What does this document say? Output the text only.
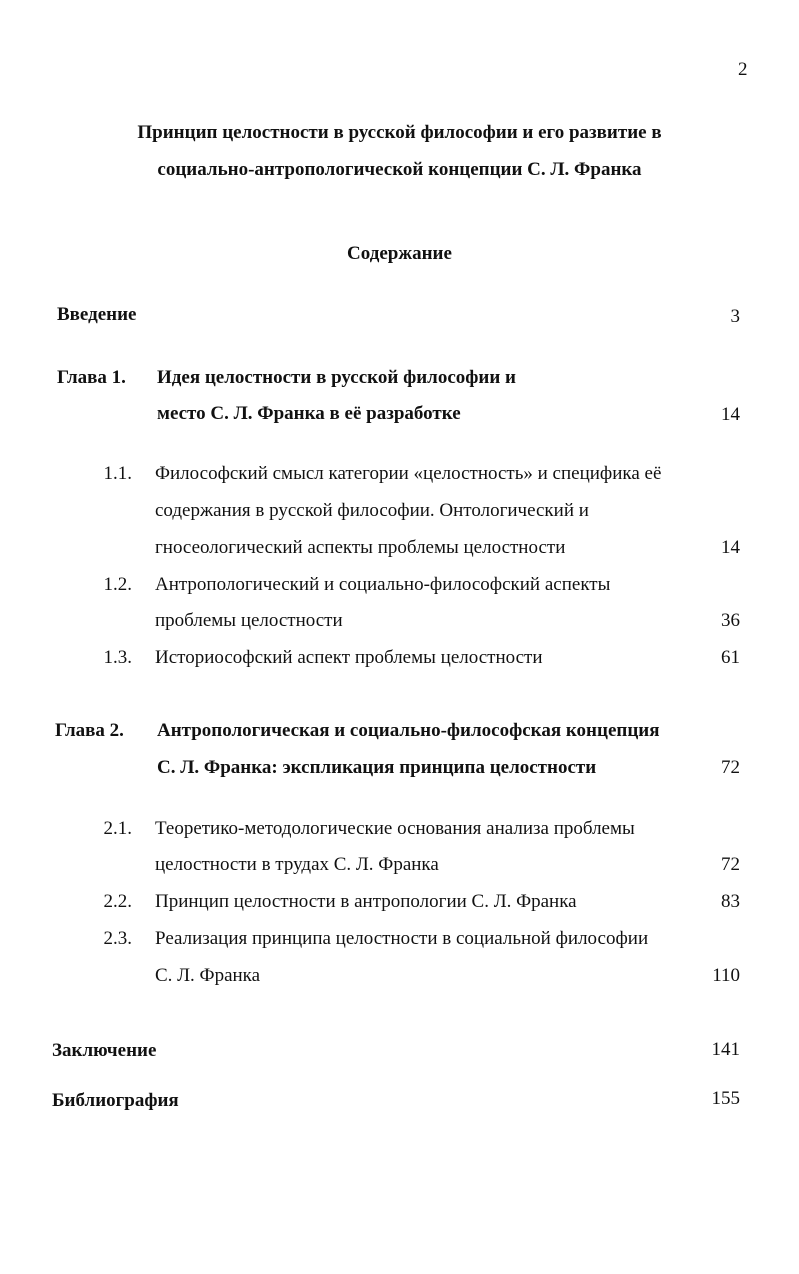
2
Принцип целостности в русской философии и его развитие в
социально-антропологической концепции С. Л. Франка
Содержание
Введение	3
Глава 1. Идея целостности в русской философии и
место С. Л. Франка в её разработке	14
1.1. Философский смысл категории «целостность» и специфика её
содержания в русской философии. Онтологический и
гносеологический аспекты проблемы целостности	14
1.2. Антропологический и социально-философский аспекты
проблемы целостности	36
1.3. Историософский аспект проблемы целостности	61
Глава 2. Антропологическая и социально-философская концепция
С. Л. Франка: экспликация принципа целостности	72
2.1. Теоретико-методологические основания анализа проблемы
целостности в трудах С. Л. Франка	72
2.2. Принцип целостности в антропологии С. Л. Франка	83
2.3. Реализация принципа целостности в социальной философии
С. Л. Франка	110
Заключение	141
Библиография	155
